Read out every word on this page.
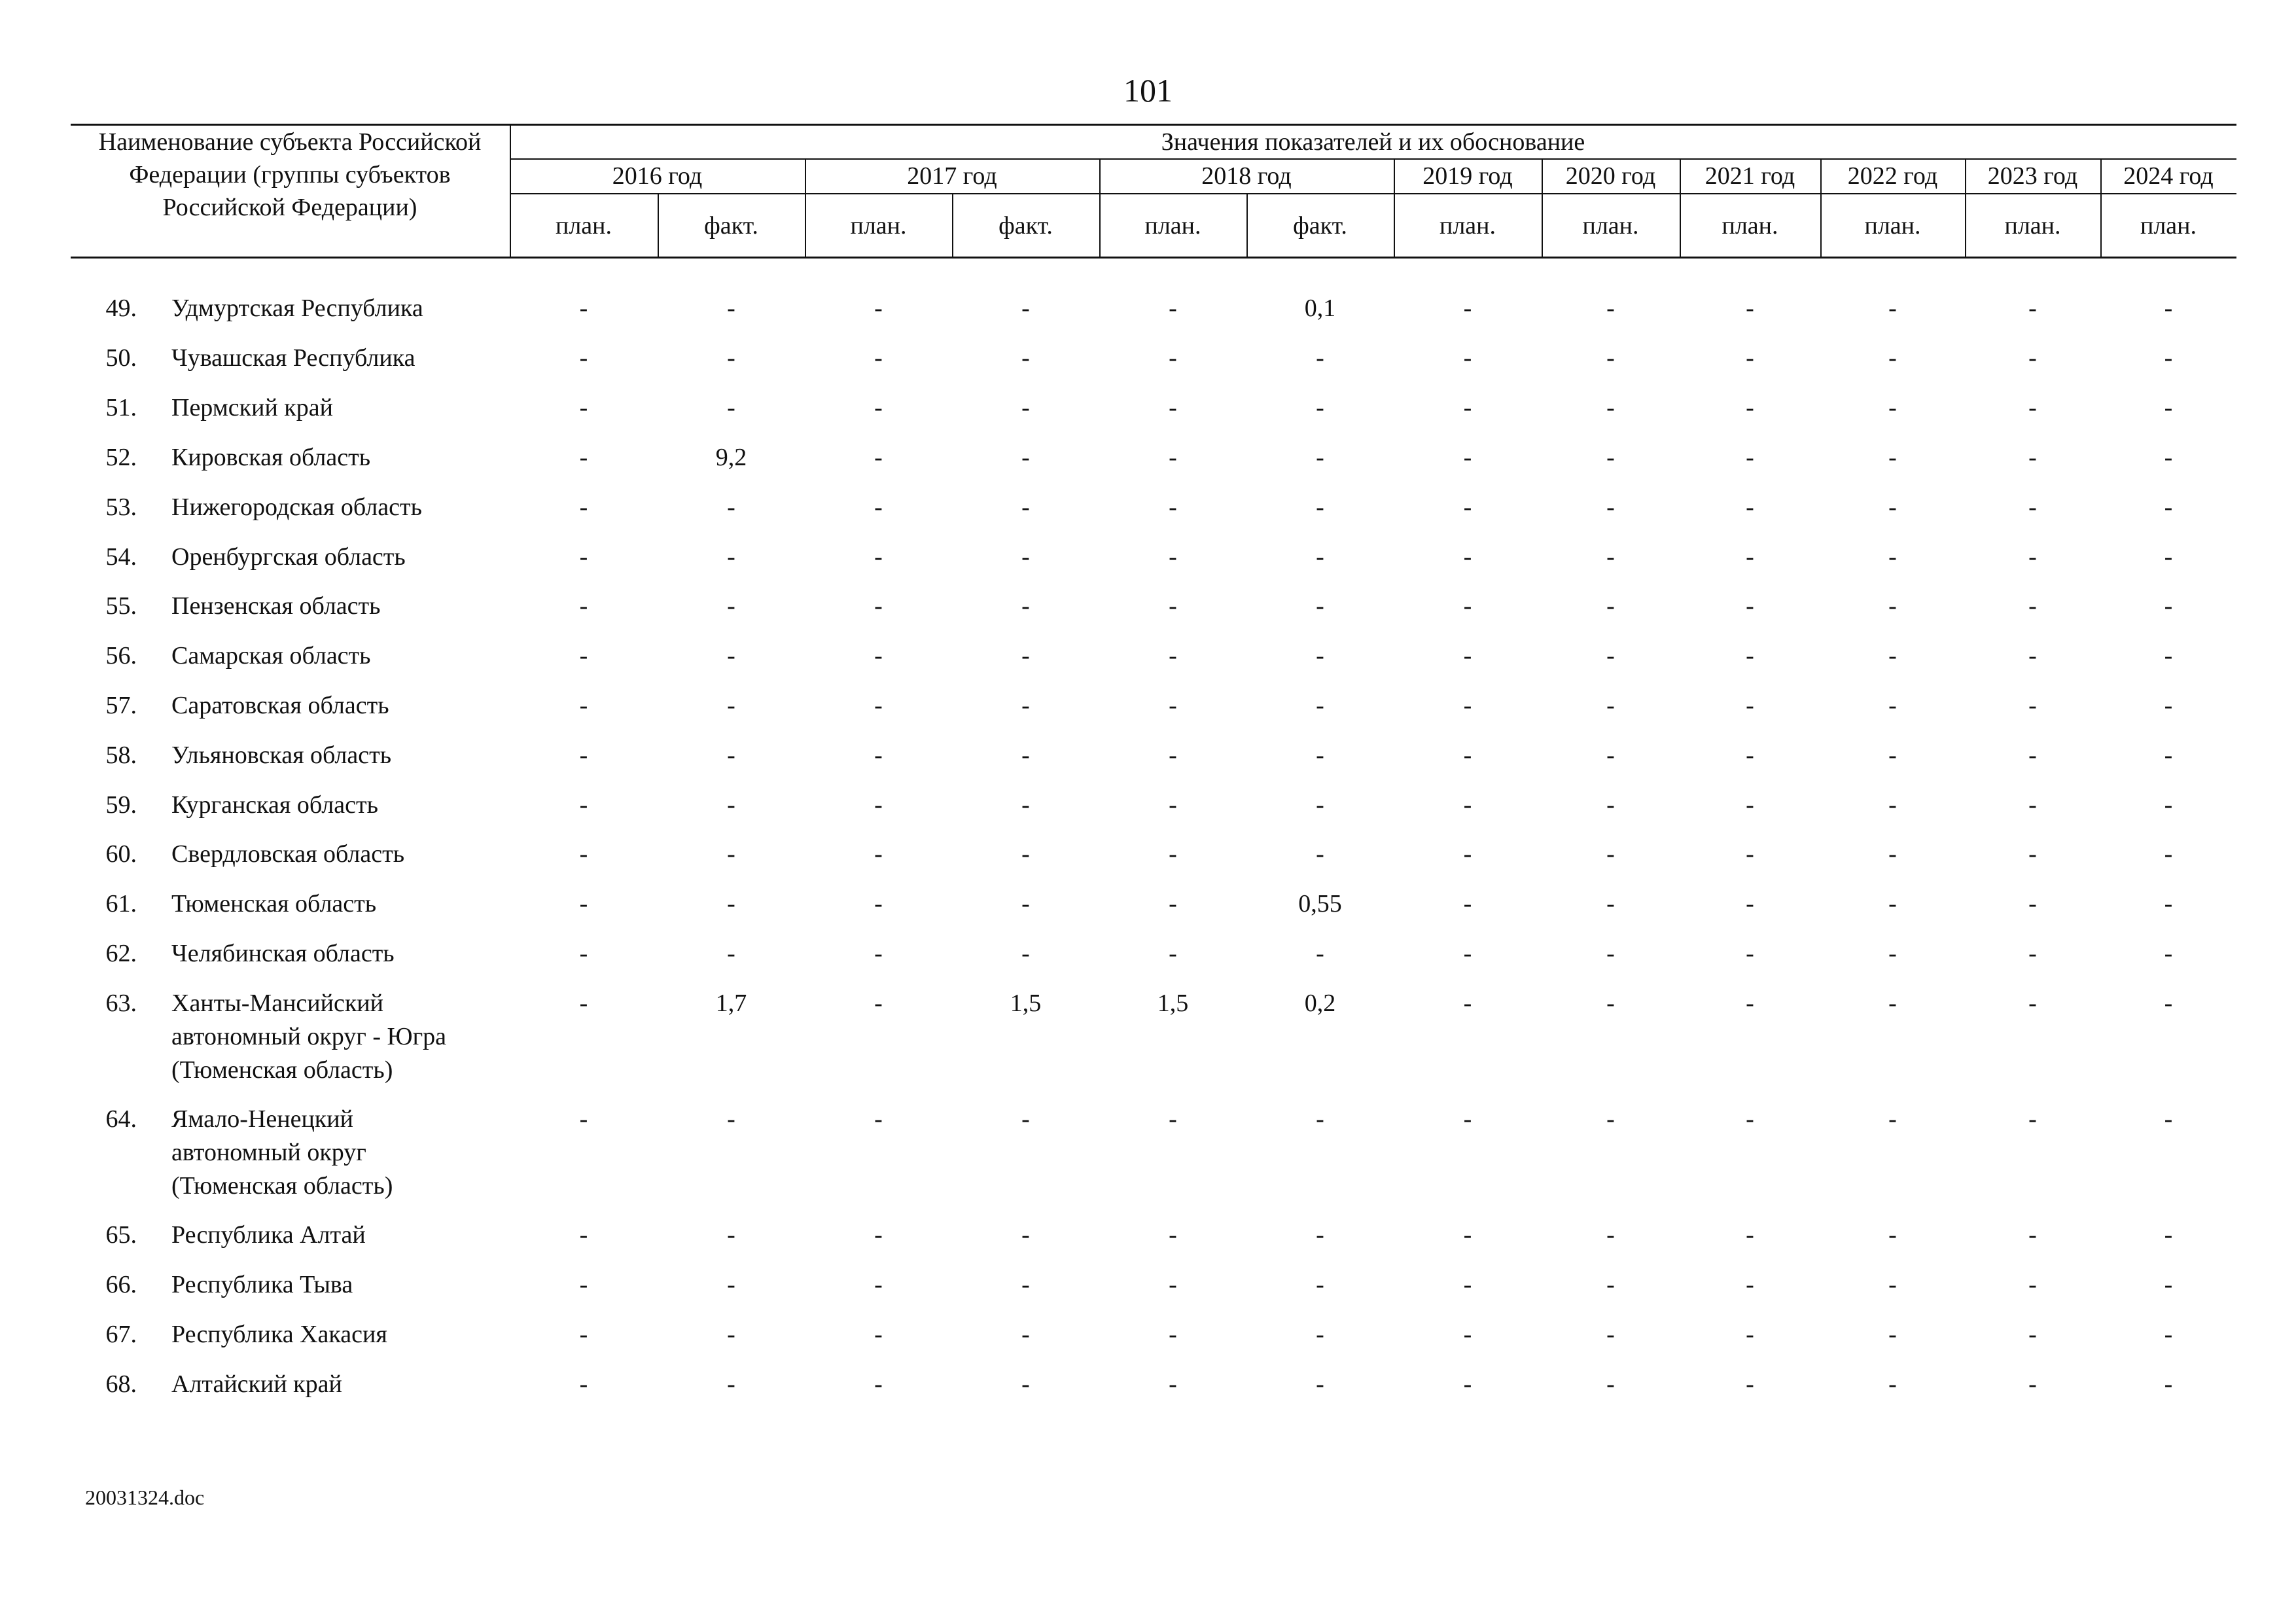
101
Наименование субъекта Российской Федерации (группы субъектов Российской Федерации)
Значения показателей и их обоснование
2016 год	2017 год	2018 год	2019 год	2020 год	2021 год	2022 год	2023 год	2024 год
план.	факт.	план.	факт.	план.	факт.	план.	план.	план.	план.	план.	план.
49. Удмуртская Республика	-	-	-	-	-	0,1	-	-	-	-	-	-
50. Чувашская Республика	-	-	-	-	-	-	-	-	-	-	-	-
51. Пермский край	-	-	-	-	-	-	-	-	-	-	-	-
52. Кировская область	-	9,2	-	-	-	-	-	-	-	-	-	-
53. Нижегородская область	-	-	-	-	-	-	-	-	-	-	-	-
54. Оренбургская область	-	-	-	-	-	-	-	-	-	-	-	-
55. Пензенская область	-	-	-	-	-	-	-	-	-	-	-	-
56. Самарская область	-	-	-	-	-	-	-	-	-	-	-	-
57. Саратовская область	-	-	-	-	-	-	-	-	-	-	-	-
58. Ульяновская область	-	-	-	-	-	-	-	-	-	-	-	-
59. Курганская область	-	-	-	-	-	-	-	-	-	-	-	-
60. Свердловская область	-	-	-	-	-	-	-	-	-	-	-	-
61. Тюменская область	-	-	-	-	-	0,55	-	-	-	-	-	-
62. Челябинская область	-	-	-	-	-	-	-	-	-	-	-	-
63. Ханты-Мансийский
автономный округ - Югра
(Тюменская область)
-	1,7	-	1,5	1,5	0,2	-	-	-	-	-	-
64. Ямало-Ненецкий
автономный округ
(Тюменская область)
-	-	-	-	-	-	-	-	-	-	-	-
65. Республика Алтай	-	-	-	-	-	-	-	-	-	-	-	-
66. Республика Тыва	-	-	-	-	-	-	-	-	-	-	-	-
67. Республика Хакасия	-	-	-	-	-	-	-	-	-	-	-	-
68. Алтайский край	-	-	-	-	-	-	-	-	-	-	-	-
20031324.doc
